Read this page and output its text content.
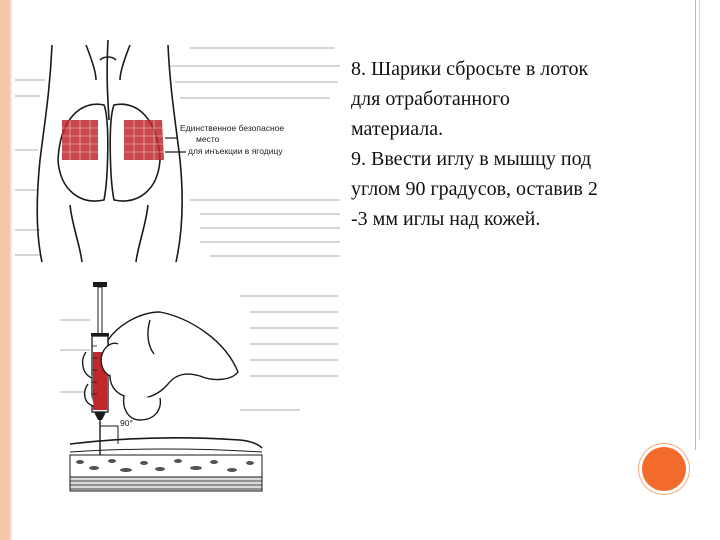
Единственное безопасное
место
для инъекции в ягодицу
90°
8. Шарики сбросьте в лоток
для отработанного
материала.
9. Ввести иглу в мышцу под
углом 90 градусов, оставив 2
-3 мм иглы над кожей.
